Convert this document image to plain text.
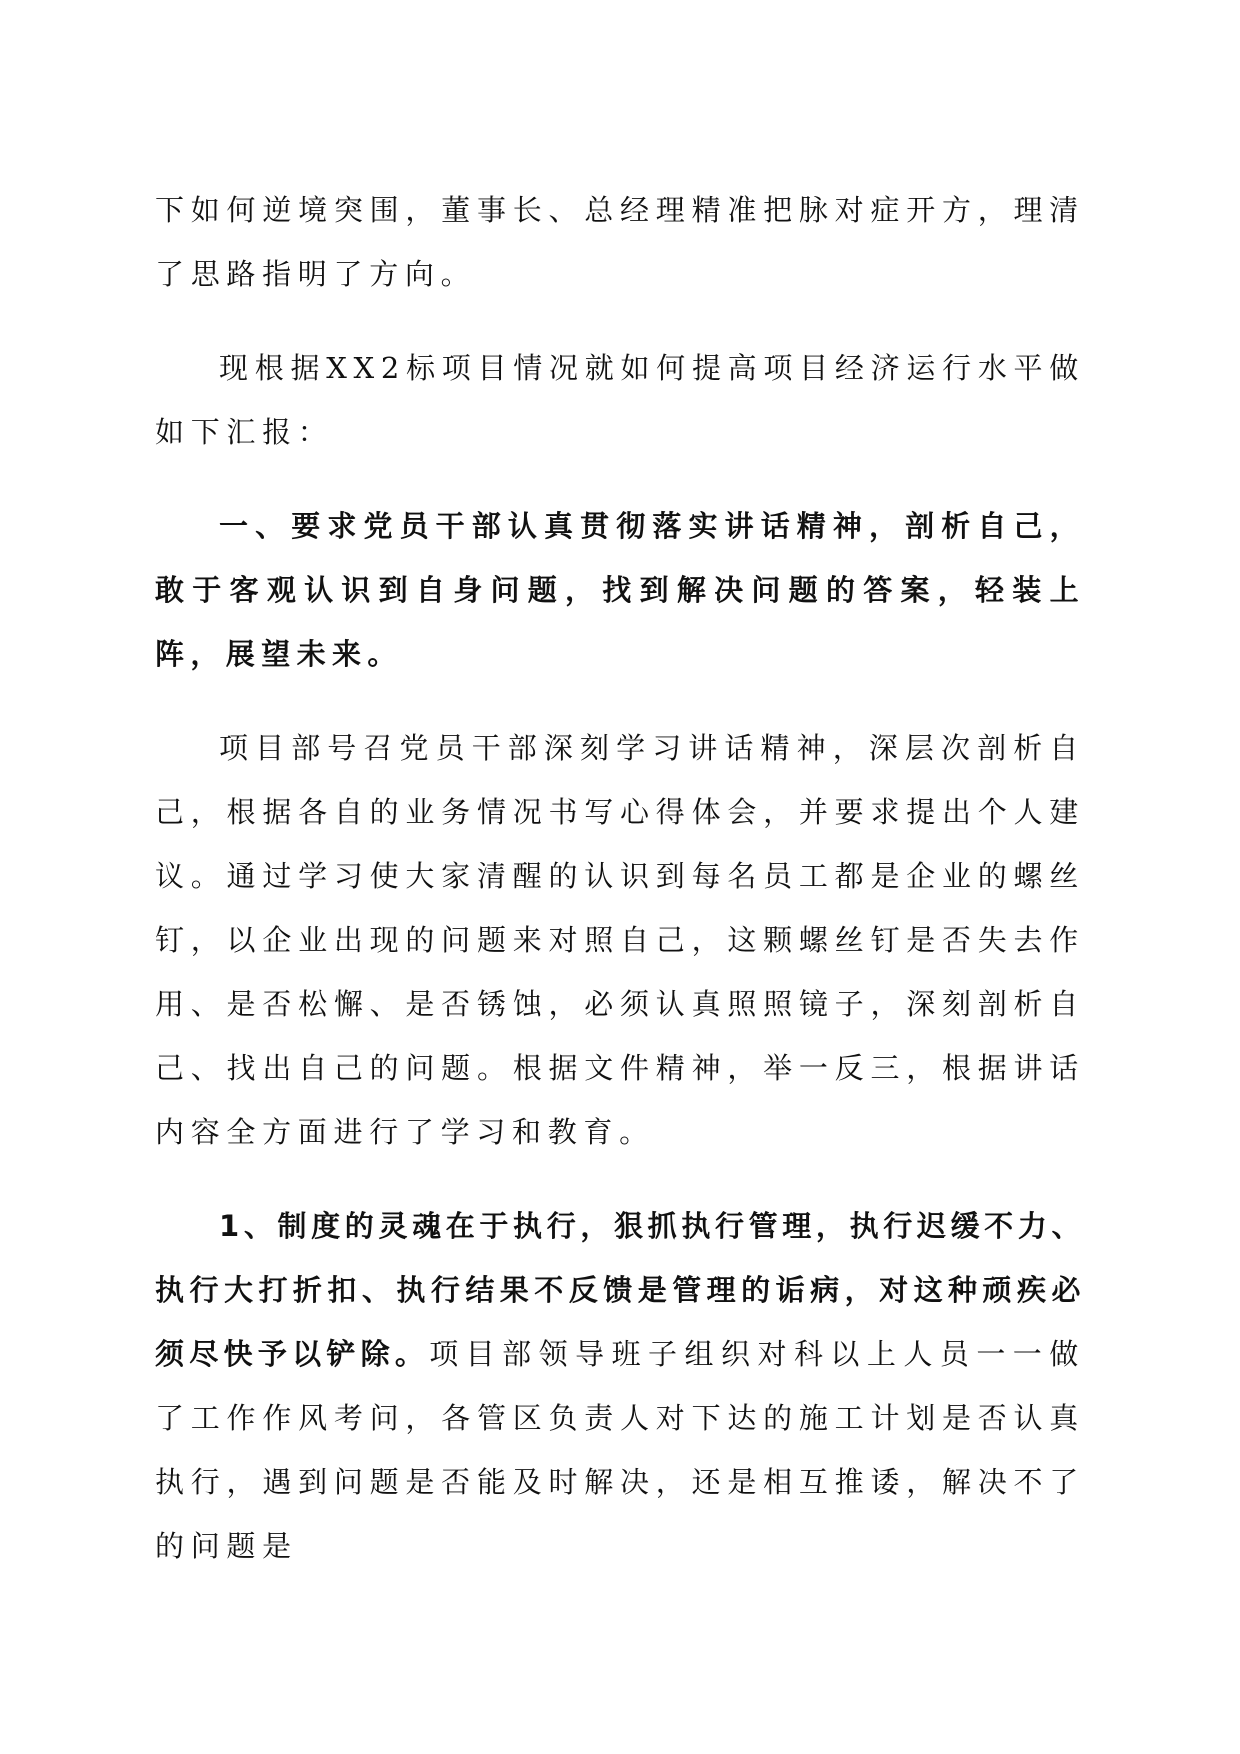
下如何逆境突围，董事长、总经理精准把脉对症开方，理清了思路指明了方向。

现根据XX2标项目情况就如何提高项目经济运行水平做如下汇报：

一、要求党员干部认真贯彻落实讲话精神，剖析自己，敢于客观认识到自身问题，找到解决问题的答案，轻装上阵，展望未来。

项目部号召党员干部深刻学习讲话精神，深层次剖析自己，根据各自的业务情况书写心得体会，并要求提出个人建议。通过学习使大家清醒的认识到每名员工都是企业的螺丝钉，以企业出现的问题来对照自己，这颗螺丝钉是否失去作用、是否松懈、是否锈蚀，必须认真照照镜子，深刻剖析自己、找出自己的问题。根据文件精神，举一反三，根据讲话内容全方面进行了学习和教育。

1、制度的灵魂在于执行，狠抓执行管理，执行迟缓不力、执行大打折扣、执行结果不反馈是管理的诟病，对这种顽疾必须尽快予以铲除。项目部领导班子组织对科以上人员一一做了工作作风考问，各管区负责人对下达的施工计划是否认真执行，遇到问题是否能及时解决，还是相互推诿，解决不了的问题是
